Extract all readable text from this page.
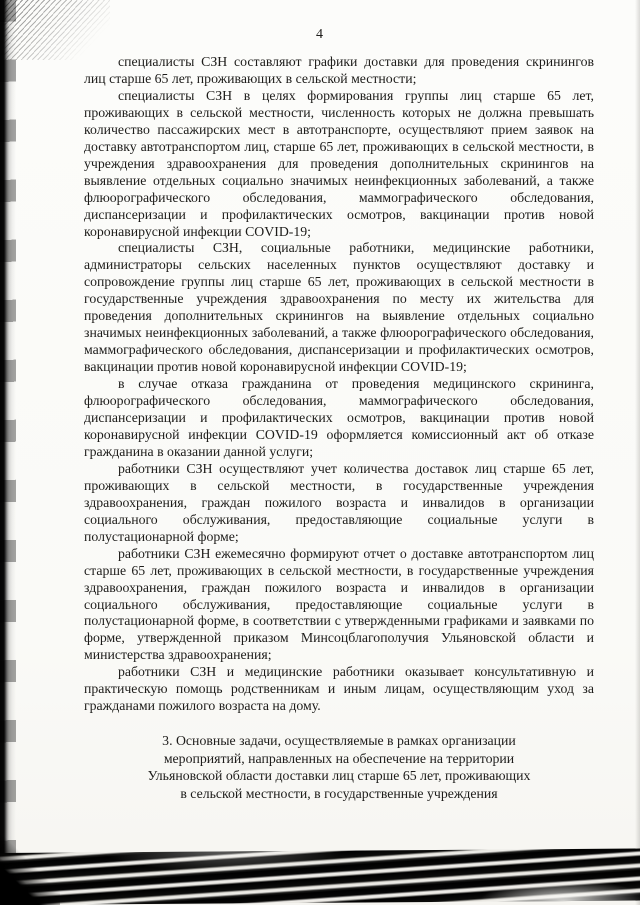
4

специалисты СЗН составляют графики доставки для проведения скринингов лиц старше 65 лет, проживающих в сельской местности;

специалисты СЗН в целях формирования группы лиц старше 65 лет, проживающих в сельской местности, численность которых не должна превышать количество пассажирских мест в автотранспорте, осуществляют прием заявок на доставку автотранспортом лиц, старше 65 лет, проживающих в сельской местности, в учреждения здравоохранения для проведения дополнительных скринингов на выявление отдельных социально значимых неинфекционных заболеваний, а также флюорографического обследования, маммографического обследования, диспансеризации и профилактических осмотров, вакцинации против новой коронавирусной инфекции COVID-19;

специалисты СЗН, социальные работники, медицинские работники, администраторы сельских населенных пунктов осуществляют доставку и сопровождение группы лиц старше 65 лет, проживающих в сельской местности в государственные учреждения здравоохранения по месту их жительства для проведения дополнительных скринингов на выявление отдельных социально значимых неинфекционных заболеваний, а также флюорографического обследования, маммографического обследования, диспансеризации и профилактических осмотров, вакцинации против новой коронавирусной инфекции COVID-19;

в случае отказа гражданина от проведения медицинского скрининга, флюорографического обследования, маммографического обследования, диспансеризации и профилактических осмотров, вакцинации против новой коронавирусной инфекции COVID-19 оформляется комиссионный акт об отказе гражданина в оказании данной услуги;

работники СЗН осуществляют учет количества доставок лиц старше 65 лет, проживающих в сельской местности, в государственные учреждения здравоохранения, граждан пожилого возраста и инвалидов в организации социального обслуживания, предоставляющие социальные услуги в полустационарной форме;

работники СЗН ежемесячно формируют отчет о доставке автотранспортом лиц старше 65 лет, проживающих в сельской местности, в государственные учреждения здравоохранения, граждан пожилого возраста и инвалидов в организации социального обслуживания, предоставляющие социальные услуги в полустационарной форме, в соответствии с утвержденными графиками и заявками по форме, утвержденной приказом Минсоцблагополучия Ульяновской области и министерства здравоохранения;

работники СЗН и медицинские работники оказывает консультативную и практическую помощь родственникам и иным лицам, осуществляющим уход за гражданами пожилого возраста на дому.

3. Основные задачи, осуществляемые в рамках организации
мероприятий, направленных на обеспечение на территории
Ульяновской области доставки лиц старше 65 лет, проживающих
в сельской местности, в государственные учреждения
